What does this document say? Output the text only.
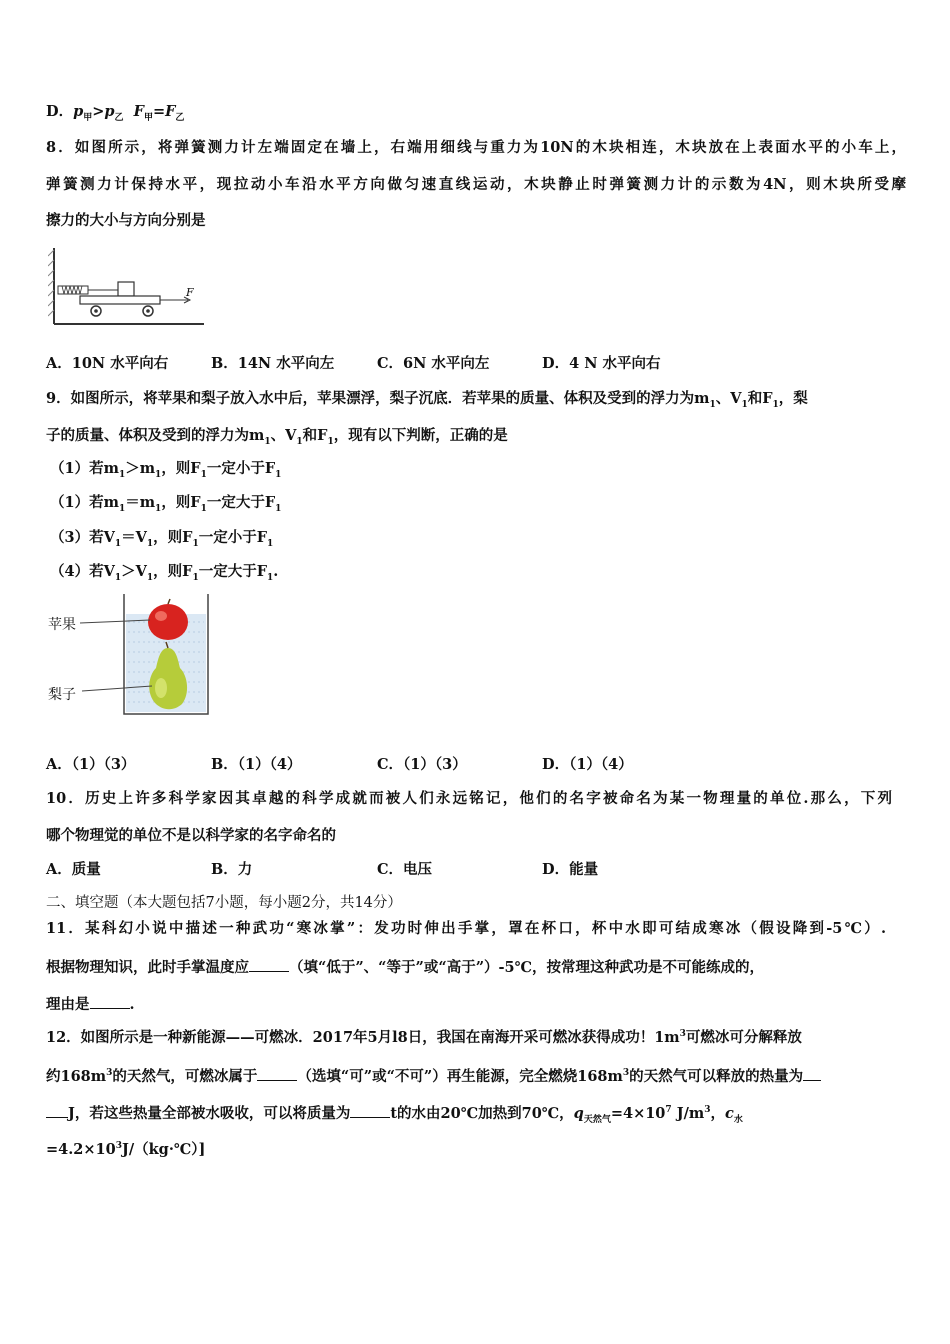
D．$p_甲>p_乙$ $F_甲=F_乙$
8．如图所示，将弹簧测力计左端固定在墙上，右端用细线与重力为10N的木块相连，木块放在上表面水平的小车上，
弹簧测力计保持水平，现拉动小车沿水平方向做匀速直线运动，木块静止时弹簧测力计的示数为4N，则木块所受摩
擦力的大小与方向分别是
F
A．10N 水平向右	B．14N 水平向左	C．6N 水平向左	D．4 N 水平向右
9．如图所示，将苹果和梨子放入水中后，苹果漂浮，梨子沉底．若苹果的质量、体积及受到的浮力为$m_1$、$V_1$和$F_1$，梨
子的质量、体积及受到的浮力为$m_1$、$V_1$和$F_1$，现有以下判断，正确的是
（1）若$m_1>m_1$，则$F_1$一定小于$F_1$
（1）若$m_1=m_1$，则$F_1$一定大于$F_1$
（3）若$V_1=V_1$，则$F_1$一定小于$F_1$
（4）若$V_1>V_1$，则$F_1$一定大于$F_1$.
苹果
梨子
A．（1）（3）	B．（1）（4）	C．（1）（3）	D．（1）（4）
10．历史上许多科学家因其卓越的科学成就而被人们永远铭记，他们的名字被命名为某一物理量的单位.那么，下列
哪个物理觉的单位不是以科学家的名字命名的
A．质量	B．力	C．电压	D．能量
二、填空题（本大题包括7小题，每小题2分，共14分）
11．某科幻小说中描述一种武功“寒冰掌”：发功时伸出手掌，罩在杯口，杯中水即可结成寒冰（假设降到-5℃）.
根据物理知识，此时手掌温度应	（填“低于”、“等于”或“高于”）-5℃，按常理这种武功是不可能练成的，
理由是	.
12．如图所示是一种新能源——可燃冰．2017年5月l8日，我国在南海开采可燃冰获得成功！$1m^3$可燃冰可分解释放
约$168m^3$的天然气，可燃冰属于	（选填“可”或“不可”）再生能源，完全燃烧$168m^3$的天然气可以释放的热量为
J，若这些热量全部被水吸收，可以将质量为	t的水由20℃加热到70℃，$q_{天然气}=4\times 10^7$ $J/m^3$，$c_水$
$=4.2\times 10^3J/(kg\cdot℃)$]
